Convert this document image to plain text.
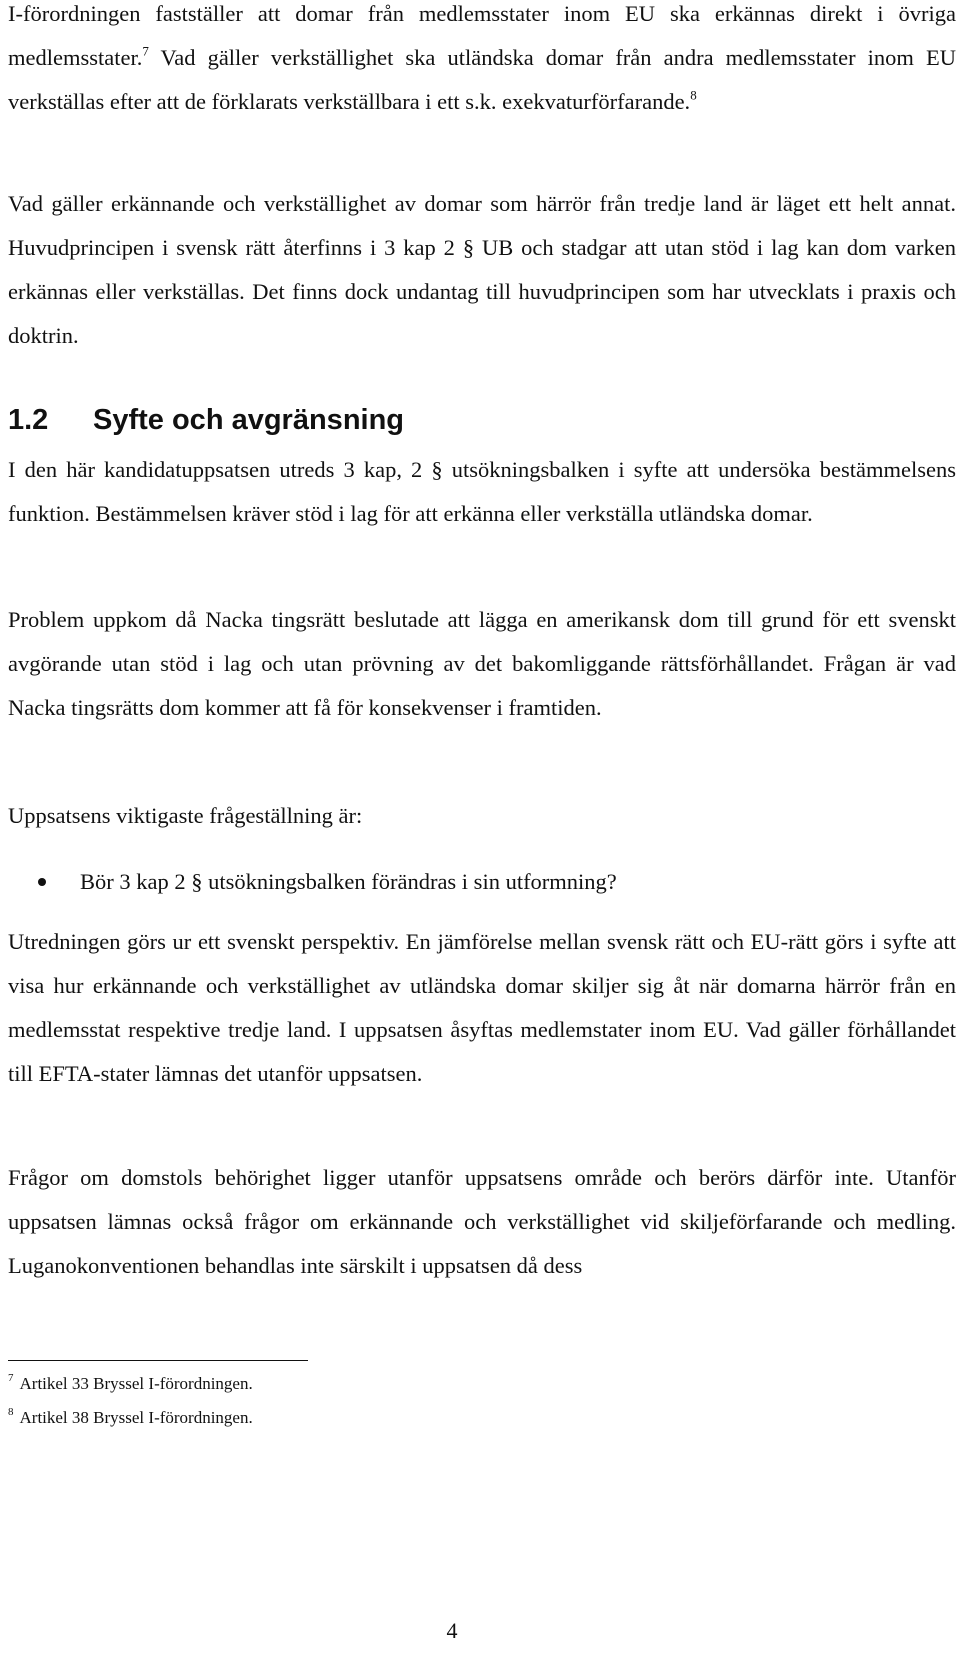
I-förordningen fastställer att domar från medlemsstater inom EU ska erkännas direkt i övriga medlemsstater.$^7$ Vad gäller verkställighet ska utländska domar från andra medlemsstater inom EU verkställas efter att de förklarats verkställbara i ett s.k. exekvaturförfarande.$^8$

Vad gäller erkännande och verkställighet av domar som härrör från tredje land är läget ett helt annat. Huvudprincipen i svensk rätt återfinns i 3 kap 2 § UB och stadgar att utan stöd i lag kan dom varken erkännas eller verkställas. Det finns dock undantag till huvudprincipen som har utvecklats i praxis och doktrin.

1.2 Syfte och avgränsning

I den här kandidatuppsatsen utreds 3 kap, 2 § utsökningsbalken i syfte att undersöka bestämmelsens funktion. Bestämmelsen kräver stöd i lag för att erkänna eller verkställa utländska domar.

Problem uppkom då Nacka tingsrätt beslutade att lägga en amerikansk dom till grund för ett svenskt avgörande utan stöd i lag och utan prövning av det bakomliggande rättsförhållandet. Frågan är vad Nacka tingsrätts dom kommer att få för konsekvenser i framtiden.

Uppsatsens viktigaste frågeställning är:

Bör 3 kap 2 § utsökningsbalken förändras i sin utformning?

Utredningen görs ur ett svenskt perspektiv. En jämförelse mellan svensk rätt och EU-rätt görs i syfte att visa hur erkännande och verkställighet av utländska domar skiljer sig åt när domarna härrör från en medlemsstat respektive tredje land. I uppsatsen åsyftas medlemstater inom EU. Vad gäller förhållandet till EFTA-stater lämnas det utanför uppsatsen.

Frågor om domstols behörighet ligger utanför uppsatsens område och berörs därför inte. Utanför uppsatsen lämnas också frågor om erkännande och verkställighet vid skiljeförfarande och medling. Luganokonventionen behandlas inte särskilt i uppsatsen då dess

$^7$ Artikel 33 Bryssel I-förordningen.

$^8$ Artikel 38 Bryssel I-förordningen.

4
